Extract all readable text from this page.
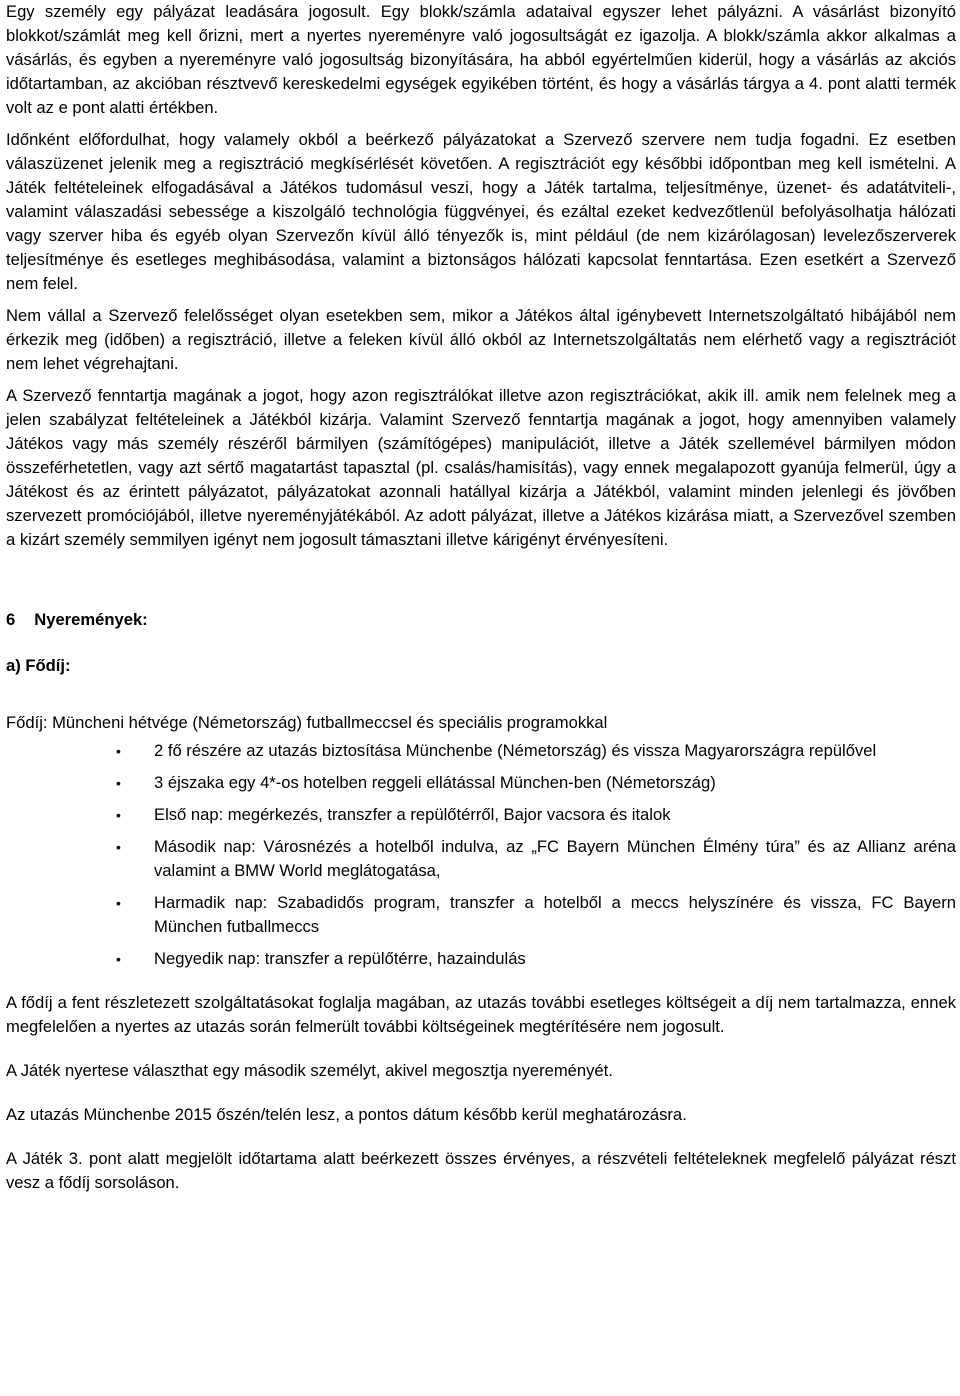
Egy személy egy pályázat leadására jogosult. Egy blokk/számla adataival egyszer lehet pályázni. A vásárlást bizonyító blokkot/számlát meg kell őrizni, mert a nyertes nyereményre való jogosultságát ez igazolja. A blokk/számla akkor alkalmas a vásárlás, és egyben a nyereményre való jogosultság bizonyítására, ha abból egyértelműen kiderül, hogy a vásárlás az akciós időtartamban, az akcióban résztvevő kereskedelmi egységek egyikében történt, és hogy a vásárlás tárgya a 4. pont alatti termék volt az e pont alatti értékben.

Időnként előfordulhat, hogy valamely okból a beérkező pályázatokat a Szervező szervere nem tudja fogadni. Ez esetben válaszüzenet jelenik meg a regisztráció megkísérlését követően. A regisztrációt egy későbbi időpontban meg kell ismételni. A Játék feltételeinek elfogadásával a Játékos tudomásul veszi, hogy a Játék tartalma, teljesítménye, üzenet- és adatátviteli-, valamint válaszadási sebessége a kiszolgáló technológia függvényei, és ezáltal ezeket kedvezőtlenül befolyásolhatja hálózati vagy szerver hiba és egyéb olyan Szervezőn kívül álló tényezők is, mint például (de nem kizárólagosan) levelezőszerverek teljesítménye és esetleges meghibásodása, valamint a biztonságos hálózati kapcsolat fenntartása. Ezen esetkért a Szervező nem felel.

Nem vállal a Szervező felelősséget olyan esetekben sem, mikor a Játékos által igénybevett Internetszolgáltató hibájából nem érkezik meg (időben) a regisztráció, illetve a feleken kívül álló okból az Internetszolgáltatás nem elérhető vagy a regisztrációt nem lehet végrehajtani.

A Szervező fenntartja magának a jogot, hogy azon regisztrálókat illetve azon regisztrációkat, akik ill. amik nem felelnek meg a jelen szabályzat feltételeinek a Játékból kizárja. Valamint Szervező fenntartja magának a jogot, hogy amennyiben valamely Játékos vagy más személy részéről bármilyen (számítógépes) manipulációt, illetve a Játék szellemével bármilyen módon összeférhetetlen, vagy azt sértő magatartást tapasztal (pl. csalás/hamisítás), vagy ennek megalapozott gyanúja felmerül, úgy a Játékost és az érintett pályázatot, pályázatokat azonnali hatállyal kizárja a Játékból, valamint minden jelenlegi és jövőben szervezett promóciójából, illetve nyereményjátékából. Az adott pályázat, illetve a Játékos kizárása miatt, a Szervezővel szemben a kizárt személy semmilyen igényt nem jogosult támasztani illetve kárigényt érvényesíteni.

6 Nyeremények:

a) Fődíj:

Fődíj: Müncheni hétvége (Németország) futballmeccsel és speciális programokkal

• 2 fő részére az utazás biztosítása Münchenbe (Németország) és vissza Magyarországra repülővel
• 3 éjszaka egy 4*-os hotelben reggeli ellátással München-ben (Németország)
• Első nap: megérkezés, transzfer a repülőtérről, Bajor vacsora és italok
• Második nap: Városnézés a hotelből indulva, az „FC Bayern München Élmény túra” és az Allianz aréna valamint a BMW World meglátogatása,
• Harmadik nap: Szabadidős program, transzfer a hotelből a meccs helyszínére és vissza, FC Bayern München futballmeccs
• Negyedik nap: transzfer a repülőtérre, hazaindulás

A fődíj a fent részletezett szolgáltatásokat foglalja magában, az utazás további esetleges költségeit a díj nem tartalmazza, ennek megfelelően a nyertes az utazás során felmerült további költségeinek megtérítésére nem jogosult.

A Játék nyertese választhat egy második személyt, akivel megosztja nyereményét.

Az utazás Münchenbe 2015 őszén/telén lesz, a pontos dátum később kerül meghatározásra.

A Játék 3. pont alatt megjelölt időtartama alatt beérkezett összes érvényes, a részvételi feltételeknek megfelelő pályázat részt vesz a fődíj sorsoláson.
